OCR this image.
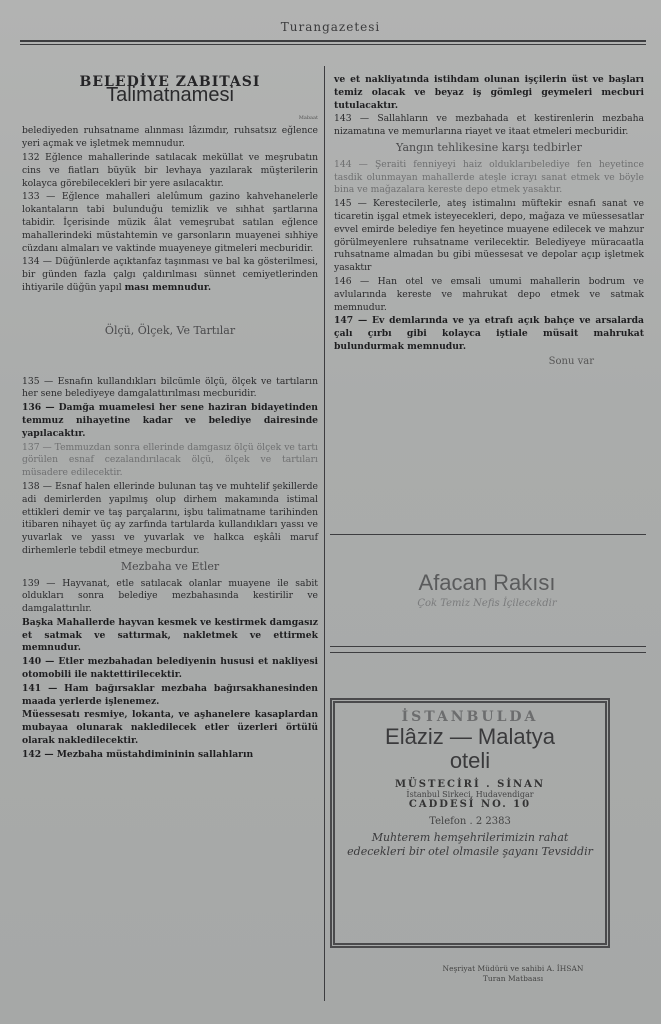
Turangazetesi
BELEDİYE ZABITASI
Talimatnamesi

Mabaat

belediyeden ruhsatname alınması lâzımdır, ruhsatsız eğlence yeri açmak ve işletmek memnudur.

132 Eğlence mahallerinde satılacak meküllat ve meşrubatın cins ve fiatları büyük bir levhaya yazılarak müşterilerin kolayca görebilecekleri bir yere asılacaktır.

133 — Eğlence mahalleri alelûmum gazino kahvehanelerle lokantaların tabi bulunduğu temizlik ve sıhhat şartlarına tabidir. İçerisinde müzik âlat vemeşrubat satılan eğlence mahallerindeki müstahtemin ve garsonların muayenei sıhhiye cüzdanı almaları ve vaktinde muayeneye gitmeleri mecburidir.

134 — Düğünlerde açıktanfaz taşınması ve bal ka gösterilmesi, bir günden fazla çalgı çaldırılması sünnet cemiyetlerinden ihtiyarile düğün yapıl ması memnudur.

Ölçü, Ölçek, Ve Tartılar

135 — Esnafın kullandıkları bilcümle ölçü, ölçek ve tartıların her sene belediyeye damgalattırılması mecburidir.

136 — Damğa muamelesi her sene haziran bidayetinden temmuz nihayetine kadar ve belediye dairesinde yapılacaktır.

137 — Temmuzdan sonra ellerinde damgasız ölçü ölçek ve tartı görülen esnaf cezalandırılacak ölçü, ölçek ve tartıları müsadere edilecektir.

138 — Esnaf halen ellerinde bulunan taş ve muhtelif şekillerde adi demirlerden yapılmış olup dirhem makamında istimal ettikleri demir ve taş parçalarını, işbu talimatname tarihinden itibaren nihayet üç ay zarfında tartılarda kullandıkları yassı ve yuvarlak ve yassı ve yuvarlak ve halkca eşkâli maruf dirhemlerle tebdil etmeye mecburdur.

Mezbaha ve Etler

139 — Hayvanat, etle satılacak olanlar muayene ile sabit oldukları sonra belediye mezbahasında kestirilir ve damgalattırılır.

Başka Mahallerde hayvan kesmek ve kestirmek damgasız et satmak ve sattırmak, nakletmek ve ettirmek memnudur.

140 — Etler mezbahadan belediyenin hususi et nakliyesi otomobili ile naktettirilecektir.

141 — Ham bağırsaklar mezbaha bağırsakhanesinden maada yerlerde işlenemez.

Müessesatı resmiye, lokanta, ve aşhanelere kasaplardan mubayaa olunarak nakledilecek etler üzerleri örtülü olarak nakledilecektir.

142 — Mezbaha müstahdimininin sallahların

ve et nakliyatında istihdam olunan işçilerin üst ve başları temiz olacak ve beyaz iş gömlegi geymeleri mecburi tutulacaktır.

143 — Sallahların ve mezbahada et kestirenlerin mezbaha nizamatına ve memurlarına riayet ve itaat etmeleri mecburidir.

Yangın tehlikesine karşı tedbirler

144 — Şeraiti fenniyeyi haiz olduklarıbelediye fen heyetince tasdik olunmayan mahallerde ateşle icrayı sanat etmek ve böyle bina ve mağazalara kereste depo etmek yasaktır.

145 — Kerestecilerle, ateş istimalını müftekir esnafı sanat ve ticaretin işgal etmek isteyecekleri, depo, mağaza ve müessesatlar evvel emirde belediye fen heyetince muayene edilecek ve mahzur görülmeyenlere ruhsatname verilecektir. Belediyeye müracaatla ruhsatname almadan bu gibi müessesat ve depolar açıp işletmek yasaktır

146 — Han otel ve emsali umumi mahallerin bodrum ve avlularında kereste ve mahrukat depo etmek ve satmak memnudur.

147 — Ev demlarında ve ya etrafı açık bahçe ve arsalarda çalı çırbı gibi kolayca iştiale müsait mahrukat bulundurmak memnudur.

Sonu var
Afacan Rakısı
Çok Temiz Nefis İçilecekdir
İSTANBULDA
Elâziz — Malatya
oteli
MÜSTECİRİ . SİNAN
İstanbul Sirkeci, Hudavendigar
CADDESİ NO. 10
Telefon . 2 2383
Muhterem hemşehrilerimizin rahat edecekleri bir otel olmasile şayanı Tevsiddir
Neşriyat Müdürü ve sahibi A. İHSAN
Turan Matbaası
